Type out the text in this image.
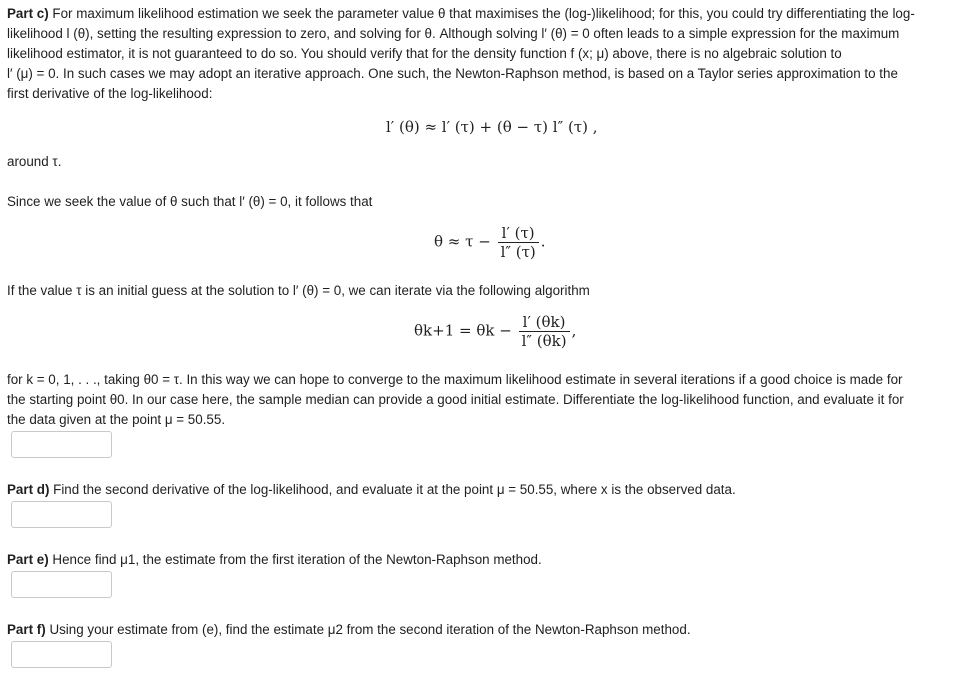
Part c) For maximum likelihood estimation we seek the parameter value θ that maximises the (log-)likelihood; for this, you could try differentiating the log-
likelihood l (θ), setting the resulting expression to zero, and solving for θ. Although solving l′ (θ) = 0 often leads to a simple expression for the maximum
likelihood estimator, it is not guaranteed to do so. You should verify that for the density function f (x; μ) above, there is no algebraic solution to
l′ (μ) = 0. In such cases we may adopt an iterative approach. One such, the Newton-Raphson method, is based on a Taylor series approximation to the
first derivative of the log-likelihood:
l′ (θ) ≈ l′ (τ) + (θ − τ) l″ (τ) ,
around τ.
Since we seek the value of θ such that l′ (θ) = 0, it follows that
$\theta \approx \tau - \frac{l' (\tau)}{l'' (\tau)}$ .
If the value τ is an initial guess at the solution to l′ (θ) = 0, we can iterate via the following algorithm
$\theta k+1 = \theta k - \frac{l' (\theta k)}{l'' (\theta k)}$ ,
for k = 0, 1, . . ., taking θ0 = τ. In this way we can hope to converge to the maximum likelihood estimate in several iterations if a good choice is made for
the starting point θ0. In our case here, the sample median can provide a good initial estimate. Differentiate the log-likelihood function, and evaluate it for
the data given at the point μ = 50.55.
Part d) Find the second derivative of the log-likelihood, and evaluate it at the point μ = 50.55, where x is the observed data.
Part e) Hence find μ1, the estimate from the first iteration of the Newton-Raphson method.
Part f) Using your estimate from (e), find the estimate μ2 from the second iteration of the Newton-Raphson method.
